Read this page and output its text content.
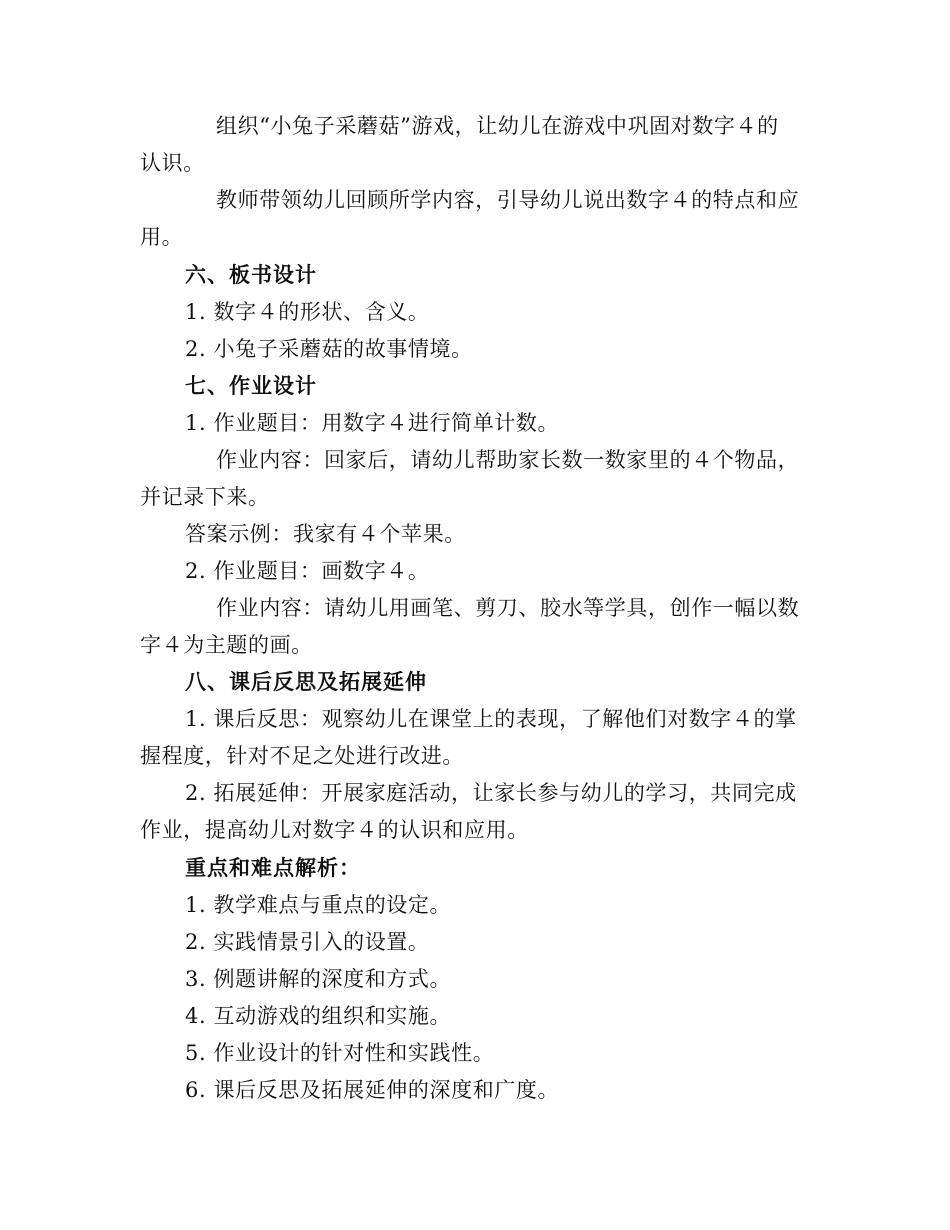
组织“小兔子采蘑菇”游戏，让幼儿在游戏中巩固对数字４的
认识。
教师带领幼儿回顾所学内容，引导幼儿说出数字４的特点和应
用。
六、板书设计
1. 数字４的形状、含义。
2. 小兔子采蘑菇的故事情境。
七、作业设计
1. 作业题目：用数字４进行简单计数。
作业内容：回家后，请幼儿帮助家长数一数家里的４个物品，
并记录下来。
答案示例：我家有４个苹果。
2. 作业题目：画数字４。
作业内容：请幼儿用画笔、剪刀、胶水等学具，创作一幅以数
字４为主题的画。
八、课后反思及拓展延伸
1. 课后反思：观察幼儿在课堂上的表现，了解他们对数字４的掌
握程度，针对不足之处进行改进。
2. 拓展延伸：开展家庭活动，让家长参与幼儿的学习，共同完成
作业，提高幼儿对数字４的认识和应用。
重点和难点解析：
1. 教学难点与重点的设定。
2. 实践情景引入的设置。
3. 例题讲解的深度和方式。
4. 互动游戏的组织和实施。
5. 作业设计的针对性和实践性。
6. 课后反思及拓展延伸的深度和广度。
